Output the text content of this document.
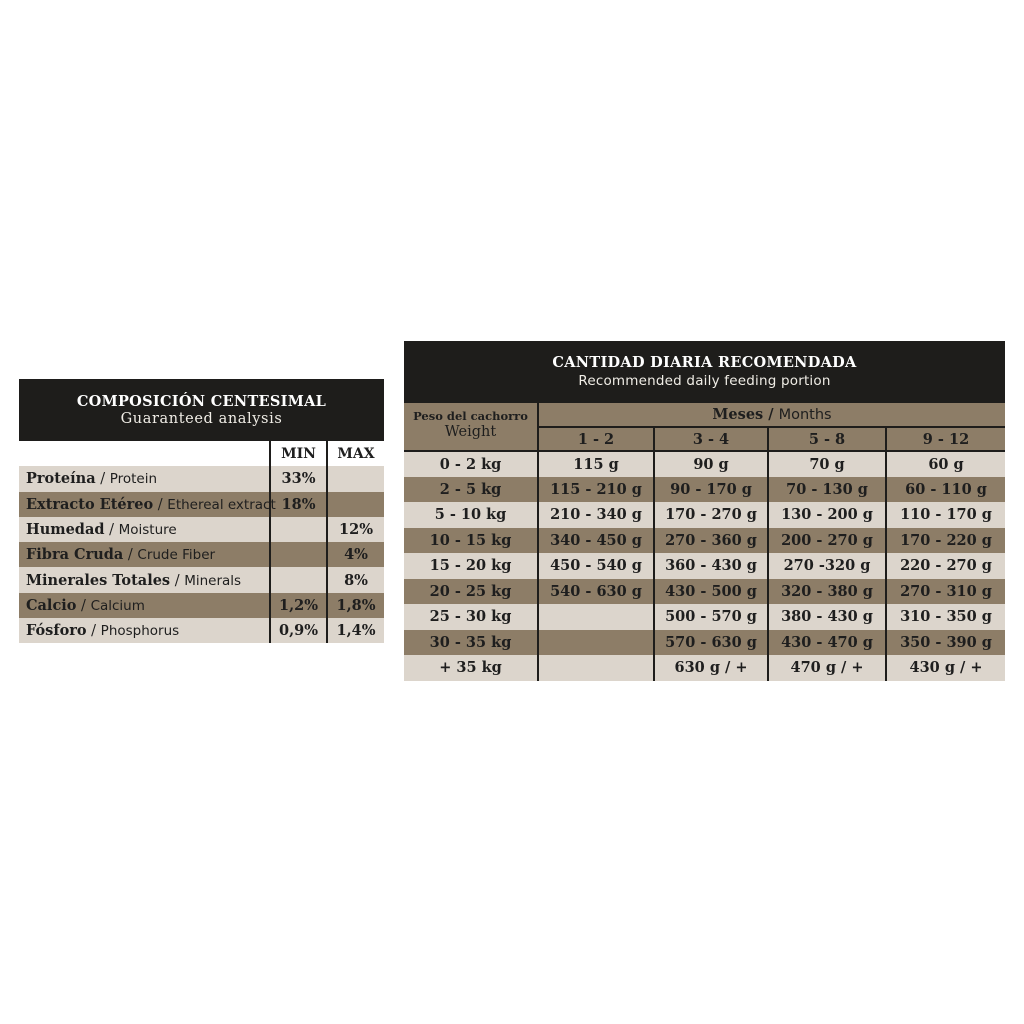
COMPOSICIÓN CENTESIMAL
Guaranteed analysis
	MIN	MAX
Proteína / Protein	33%	
Extracto Etéreo / Ethereal extract	18%	
Humedad / Moisture		12%
Fibra Cruda / Crude Fiber		4%
Minerales Totales / Minerals		8%
Calcio / Calcium	1,2%	1,8%
Fósforo / Phosphorus	0,9%	1,4%
CANTIDAD DIARIA RECOMENDADA
Recommended daily feeding portion
Peso del cachorro
Weight	Meses / Months			
	1 - 2	3 - 4	5 - 8	9 - 12
0 - 2 kg	115 g	90 g	70 g	60 g
2 - 5 kg	115 - 210 g	90 - 170 g	70 - 130 g	60 - 110 g
5 - 10 kg	210 - 340 g	170 - 270 g	130 - 200 g	110 - 170 g
10 - 15 kg	340 - 450 g	270 - 360 g	200 - 270 g	170 - 220 g
15 - 20 kg	450 - 540 g	360 - 430 g	270 -320 g	220 - 270 g
20 - 25 kg	540 - 630 g	430 - 500 g	320 - 380 g	270 - 310 g
25 - 30 kg		500 - 570 g	380 - 430 g	310 - 350 g
30 - 35 kg		570 - 630 g	430 - 470 g	350 - 390 g
+ 35 kg		630 g / +	470 g / +	430 g / +
